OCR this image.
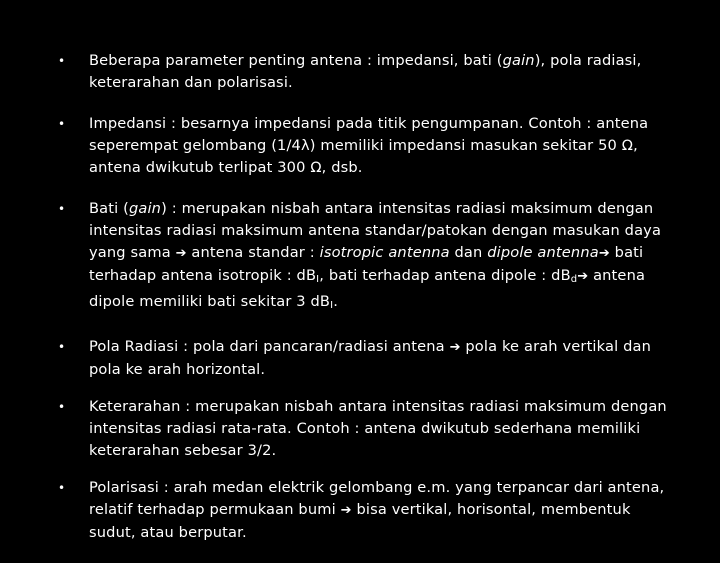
• Beberapa parameter penting antena : impedansi, bati (gain), pola radiasi, keterarahan dan polarisasi.
• Impedansi : besarnya impedansi pada titik pengumpanan. Contoh : antena seperempat gelombang (1/4λ) memiliki impedansi masukan sekitar 50 Ω, antena dwikutub terlipat 300 Ω, dsb.
• Bati (gain) : merupakan nisbah antara intensitas radiasi maksimum dengan intensitas radiasi maksimum antena standar/patokan dengan masukan daya yang sama ➔ antena standar : isotropic antenna dan dipole antenna➔ bati terhadap antena isotropik : $dB_I$, bati terhadap antena dipole : $dB_d➔$ antena dipole memiliki bati sekitar 3 $dB_I$.
• Pola Radiasi : pola dari pancaran/radiasi antena ➔ pola ke arah vertikal dan pola ke arah horizontal.
• Keterarahan : merupakan nisbah antara intensitas radiasi maksimum dengan intensitas radiasi rata-rata. Contoh : antena dwikutub sederhana memiliki keterarahan sebesar 3/2.
• Polarisasi : arah medan elektrik gelombang e.m. yang terpancar dari antena, relatif terhadap permukaan bumi ➔ bisa vertikal, horisontal, membentuk sudut, atau berputar.
